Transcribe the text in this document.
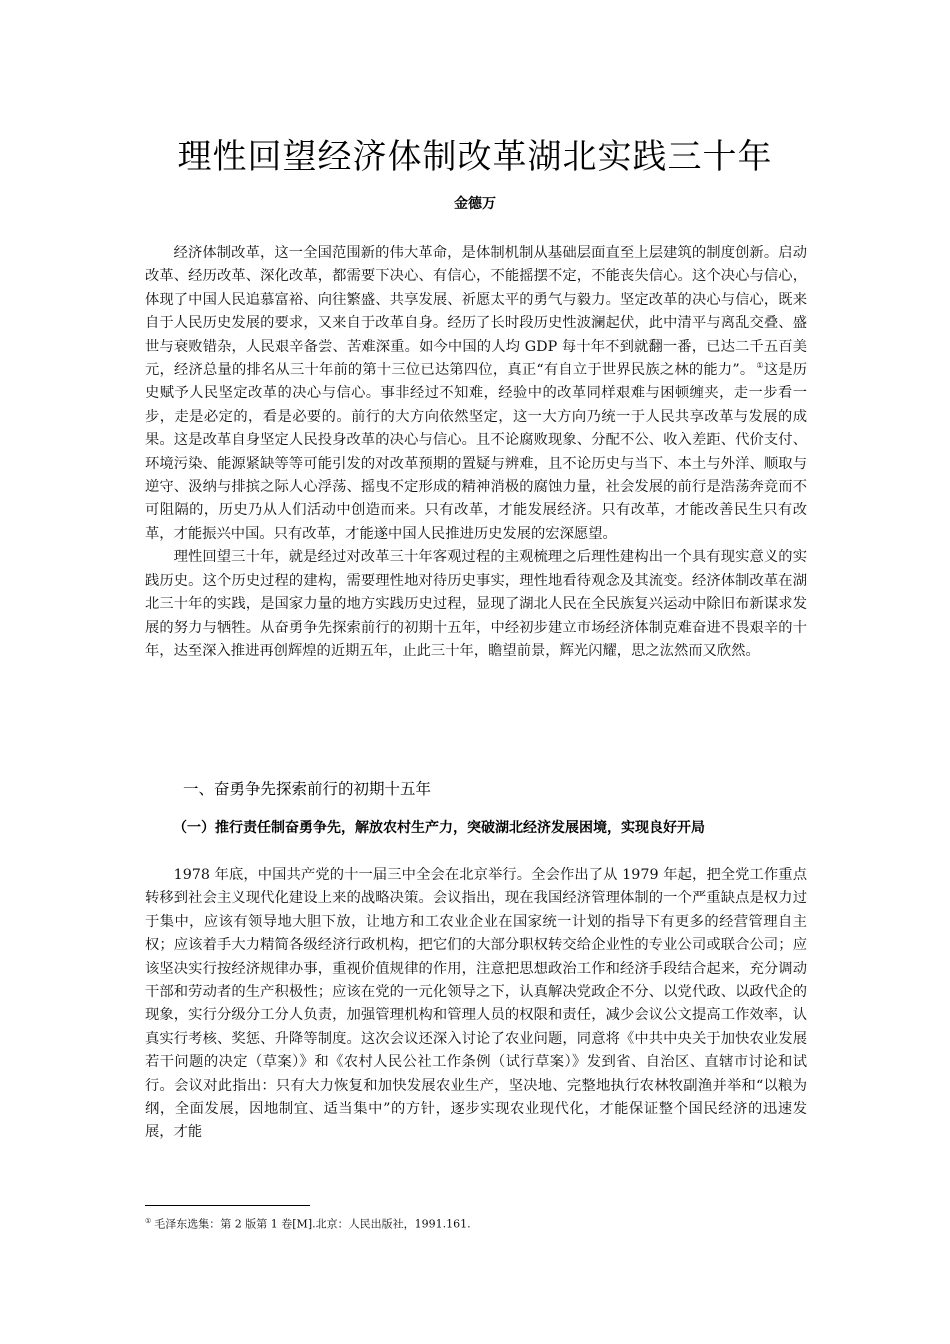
理性回望经济体制改革湖北实践三十年
金德万

经济体制改革，这一全国范围新的伟大革命，是体制机制从基础层面直至上层建筑的制度创新。启动改革、经历改革、深化改革，都需要下决心、有信心，不能摇摆不定，不能丧失信心。这个决心与信心，体现了中国人民追慕富裕、向往繁盛、共享发展、祈愿太平的勇气与毅力。坚定改革的决心与信心，既来自于人民历史发展的要求，又来自于改革自身。经历了长时段历史性波澜起伏，此中清平与离乱交叠、盛世与衰败错杂，人民艰辛备尝、苦难深重。如今中国的人均 GDP 每十年不到就翻一番，已达二千五百美元，经济总量的排名从三十年前的第十三位已达第四位，真正“有自立于世界民族之林的能力”。 ①这是历史赋予人民坚定改革的决心与信心。事非经过不知难，经验中的改革同样艰难与困顿缠夹，走一步看一步，走是必定的，看是必要的。前行的大方向依然坚定，这一大方向乃统一于人民共享改革与发展的成果。这是改革自身坚定人民投身改革的决心与信心。且不论腐败现象、分配不公、收入差距、代价支付、环境污染、能源紧缺等等可能引发的对改革预期的置疑与辨难，且不论历史与当下、本土与外洋、顺取与逆守、汲纳与排摈之际人心浮荡、摇曳不定形成的精神消极的腐蚀力量，社会发展的前行是浩荡奔竞而不可阻隔的，历史乃从人们活动中创造而来。只有改革，才能发展经济。只有改革，才能改善民生只有改革，才能振兴中国。只有改革，才能遂中国人民推进历史发展的宏深愿望。

理性回望三十年，就是经过对改革三十年客观过程的主观梳理之后理性建构出一个具有现实意义的实践历史。这个历史过程的建构，需要理性地对待历史事实，理性地看待观念及其流变。经济体制改革在湖北三十年的实践，是国家力量的地方实践历史过程，显现了湖北人民在全民族复兴运动中除旧布新谋求发展的努力与牺牲。从奋勇争先探索前行的初期十五年，中经初步建立市场经济体制克难奋进不畏艰辛的十年，达至深入推进再创辉煌的近期五年，止此三十年，瞻望前景，辉光闪耀，思之汯然而又欣然。

一、奋勇争先探索前行的初期十五年
（一）推行责任制奋勇争先，解放农村生产力，突破湖北经济发展困境，实现良好开局

1978 年底，中国共产党的十一届三中全会在北京举行。全会作出了从 1979 年起，把全党工作重点转移到社会主义现代化建设上来的战略决策。会议指出，现在我国经济管理体制的一个严重缺点是权力过于集中，应该有领导地大胆下放，让地方和工农业企业在国家统一计划的指导下有更多的经营管理自主权；应该着手大力精简各级经济行政机构，把它们的大部分职权转交给企业性的专业公司或联合公司；应该坚决实行按经济规律办事，重视价值规律的作用，注意把思想政治工作和经济手段结合起来，充分调动干部和劳动者的生产积极性；应该在党的一元化领导之下，认真解决党政企不分、以党代政、以政代企的现象，实行分级分工分人负责，加强管理机构和管理人员的权限和责任，减少会议公文提高工作效率，认真实行考核、奖惩、升降等制度。这次会议还深入讨论了农业问题，同意将《中共中央关于加快农业发展若干问题的决定（草案）》和《农村人民公社工作条例（试行草案）》发到省、自治区、直辖市讨论和试行。会议对此指出：只有大力恢复和加快发展农业生产，坚决地、完整地执行农林牧副渔并举和“以粮为纲，全面发展，因地制宜、适当集中”的方针，逐步实现农业现代化，才能保证整个国民经济的迅速发展，才能

① 毛泽东选集：第 2 版第 1 卷[M].北京：人民出版社，1991.161.
